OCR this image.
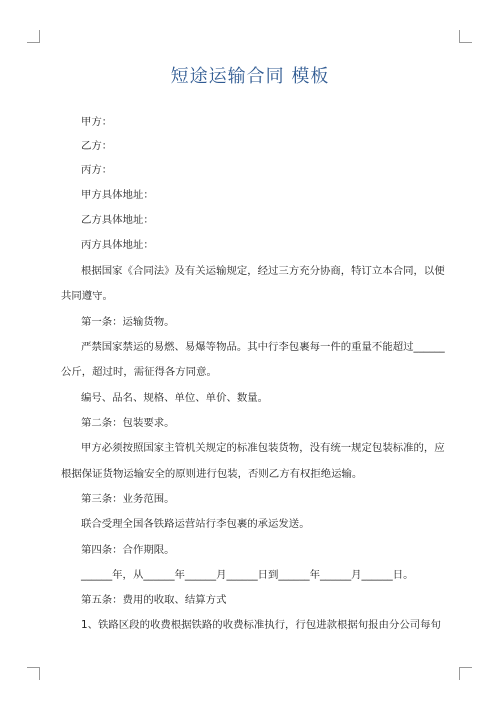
短途运输合同 模板
甲方：
乙方：
丙方：
甲方具体地址：
乙方具体地址：
丙方具体地址：
根据国家《合同法》及有关运输规定，经过三方充分协商，特订立本合同，以便
共同遵守。
第一条：运输货物。
严禁国家禁运的易燃、易爆等物品。其中行李包裹每一件的重量不能超过______
公斤，超过时，需征得各方同意。
编号、品名、规格、单位、单价、数量。
第二条：包装要求。
甲方必须按照国家主管机关规定的标准包装货物，没有统一规定包装标准的，应
根据保证货物运输安全的原则进行包装，否则乙方有权拒绝运输。
第三条：业务范围。
联合受理全国各铁路运营站行李包裹的承运发送。
第四条：合作期限。
______年，从______年______月______日到______年______月______日。
第五条：费用的收取、结算方式
1、铁路区段的收费根据铁路的收费标准执行，行包进款根据旬报由分公司每旬
